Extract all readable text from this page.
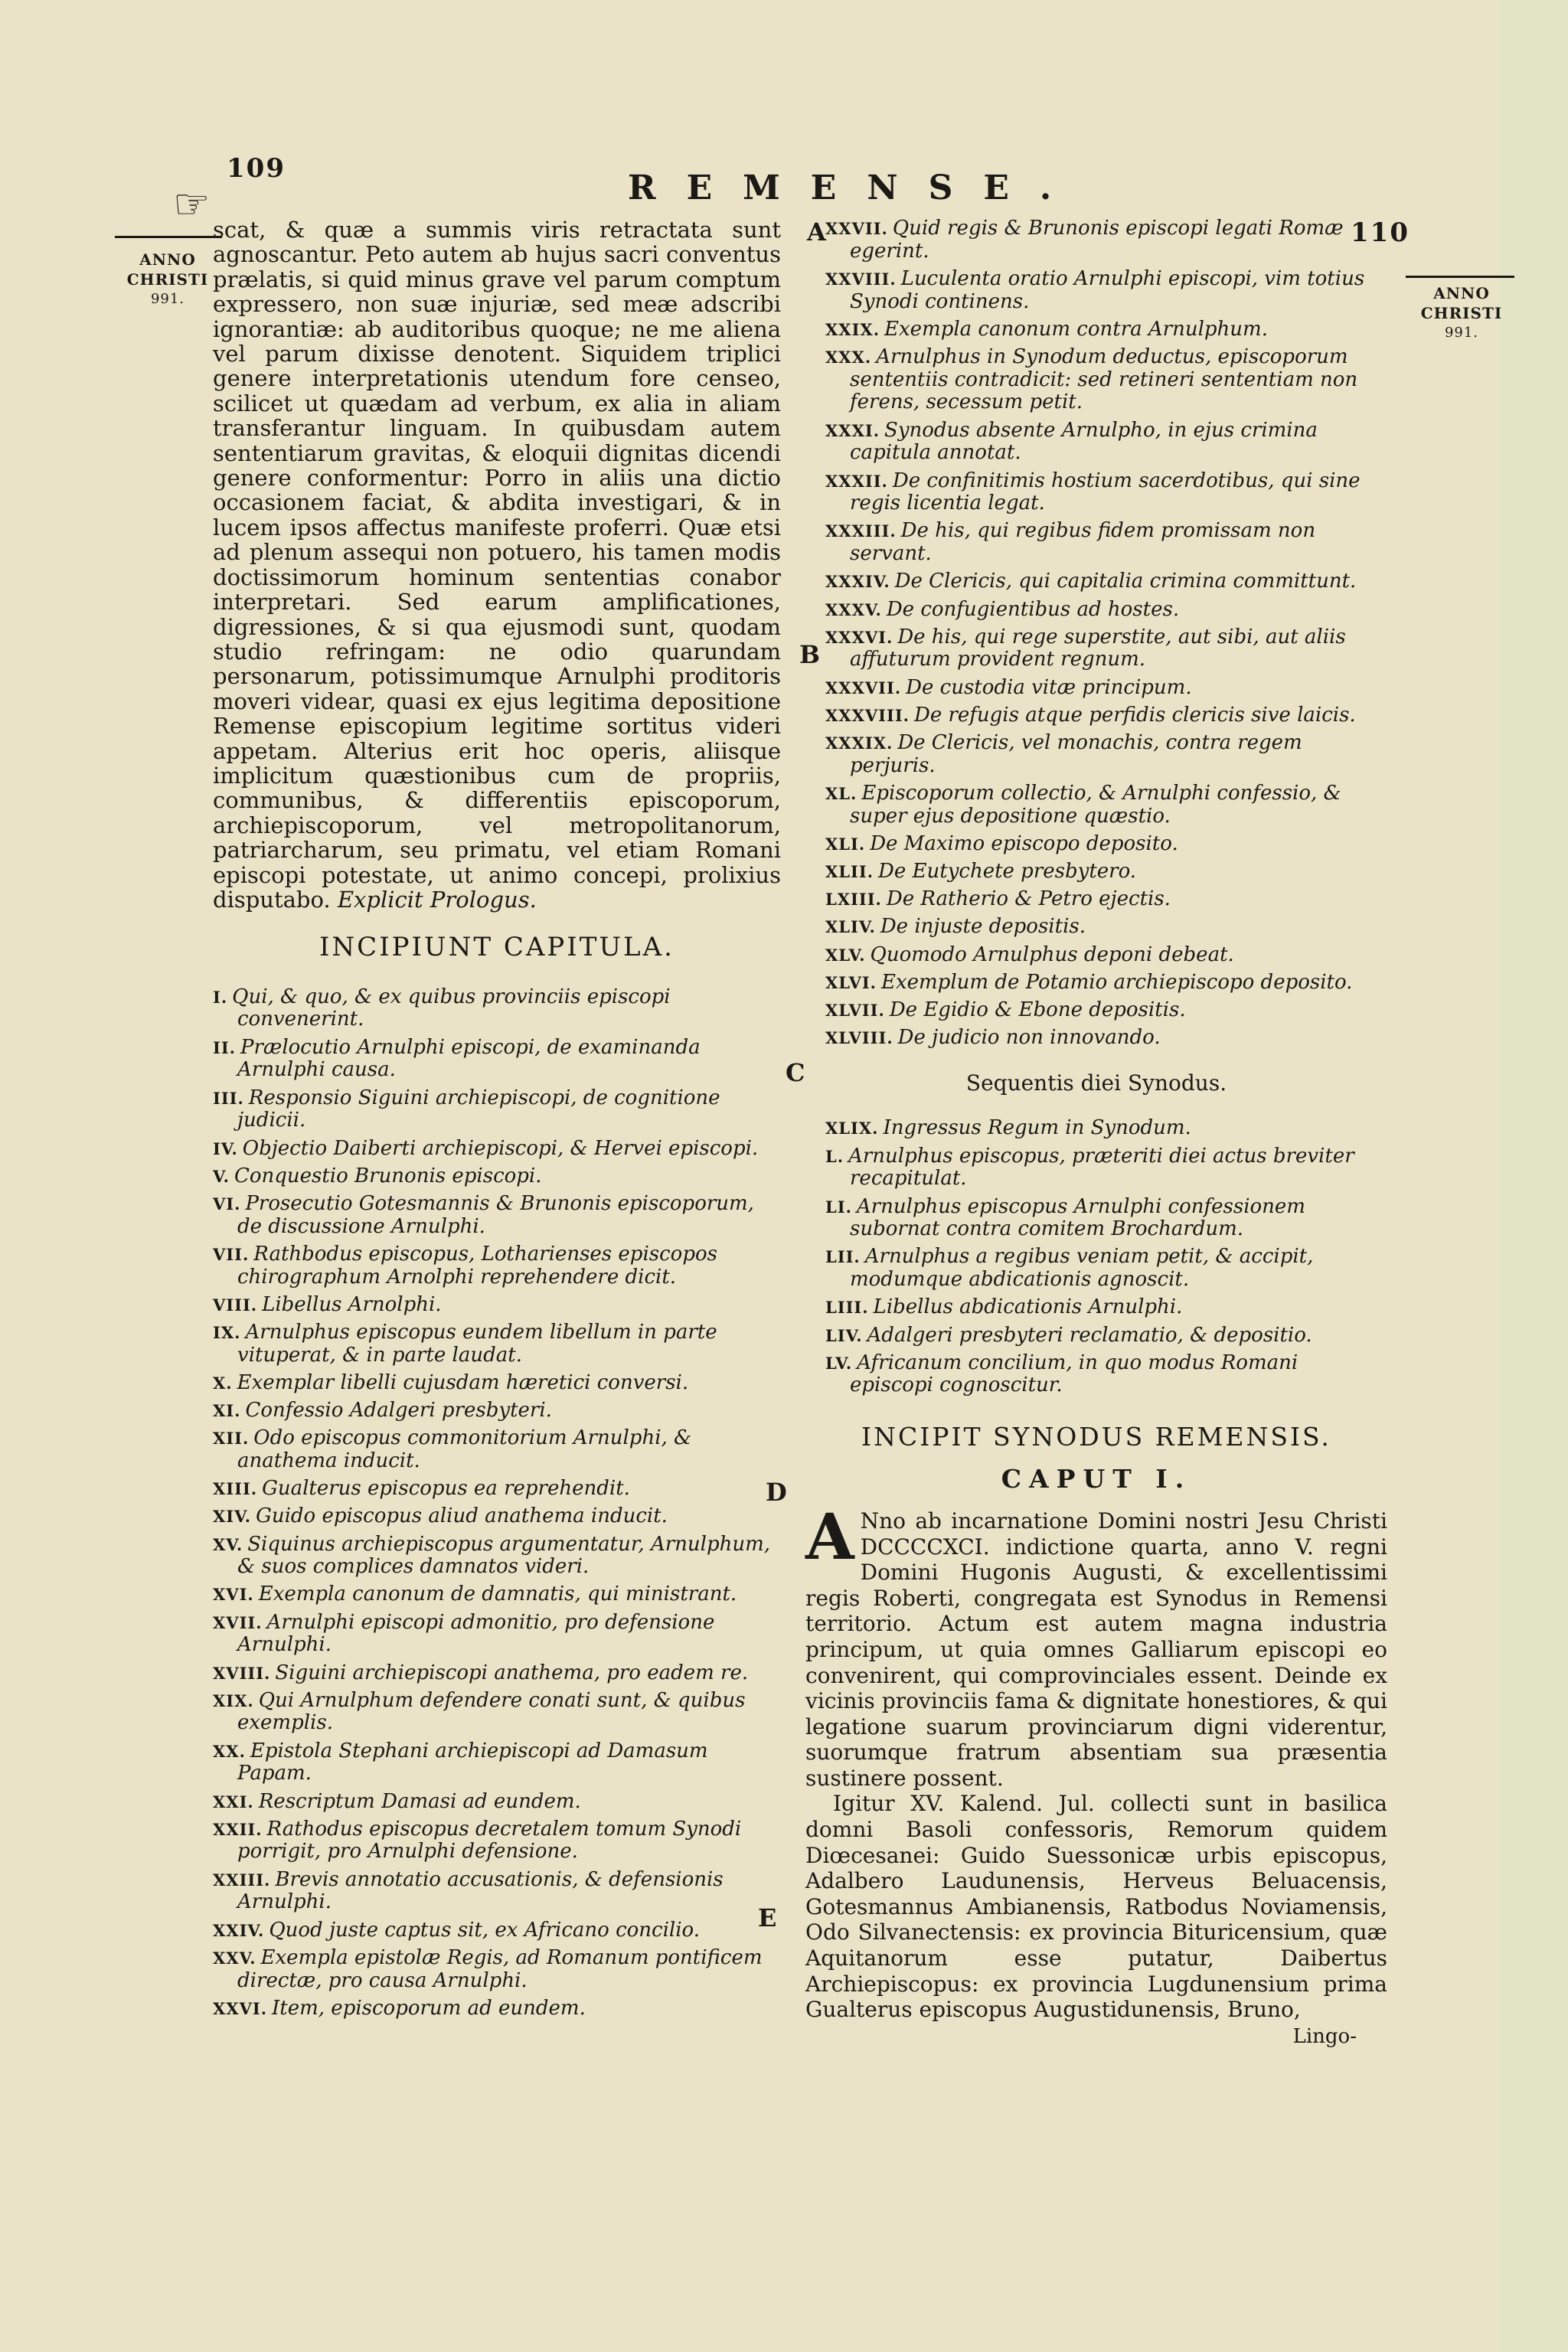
109
110
REMENSE.
☞
ANNO
CHRISTI
991.	ANNO
CHRISTI
991.
A
B
C
D
E

scat, & quæ a summis viris retractata sunt agnoscantur. Peto autem ab hujus sacri conventus prælatis, si quid minus grave vel parum comptum expressero, non suæ injuriæ, sed meæ adscribi ignorantiæ: ab auditoribus quoque; ne me aliena vel parum dixisse denotent. Siquidem triplici genere interpretationis utendum fore censeo, scilicet ut quædam ad verbum, ex alia in aliam transferantur linguam. In quibusdam autem sententiarum gravitas, & eloquii dignitas dicendi genere conformentur: Porro in aliis una dictio occasionem faciat, & abdita investigari, & in lucem ipsos affectus manifeste proferri. Quæ etsi ad plenum assequi non potuero, his tamen modis doctissimorum hominum sententias conabor interpretari. Sed earum amplificationes, digressiones, & si qua ejusmodi sunt, quodam studio refringam: ne odio quarundam personarum, potissimumque Arnulphi proditoris moveri videar, quasi ex ejus legitima depositione Remense episcopium legitime sortitus videri appetam. Alterius erit hoc operis, aliisque implicitum quæstionibus cum de propriis, communibus, & differentiis episcoporum, archiepiscoporum, vel metropolitanorum, patriarcharum, seu primatu, vel etiam Romani episcopi potestate, ut animo concepi, prolixius disputabo. Explicit Prologus.

INCIPIUNT CAPITULA.

I. Qui, & quo, & ex quibus provinciis episcopi convenerint.

II. Prælocutio Arnulphi episcopi, de examinanda Arnulphi causa.

III. Responsio Siguini archiepiscopi, de cognitione judicii.

IV. Objectio Daiberti archiepiscopi, & Hervei episcopi.

V. Conquestio Brunonis episcopi.

VI. Prosecutio Gotesmannis & Brunonis episcoporum, de discussione Arnulphi.

VII. Rathbodus episcopus, Lotharienses episcopos chirographum Arnolphi reprehendere dicit.

VIII. Libellus Arnolphi.

IX. Arnulphus episcopus eundem libellum in parte vituperat, & in parte laudat.

X. Exemplar libelli cujusdam hæretici conversi.

XI. Confessio Adalgeri presbyteri.

XII. Odo episcopus commonitorium Arnulphi, & anathema inducit.

XIII. Gualterus episcopus ea reprehendit.

XIV. Guido episcopus aliud anathema inducit.

XV. Siquinus archiepiscopus argumentatur, Arnulphum, & suos complices damnatos videri.

XVI. Exempla canonum de damnatis, qui ministrant.

XVII. Arnulphi episcopi admonitio, pro defensione Arnulphi.

XVIII. Siguini archiepiscopi anathema, pro eadem re.

XIX. Qui Arnulphum defendere conati sunt, & quibus exemplis.

XX. Epistola Stephani archiepiscopi ad Damasum Papam.

XXI. Rescriptum Damasi ad eundem.

XXII. Rathodus episcopus decretalem tomum Synodi porrigit, pro Arnulphi defensione.

XXIII. Brevis annotatio accusationis, & defensionis Arnulphi.

XXIV. Quod juste captus sit, ex Africano concilio.

XXV. Exempla epistolæ Regis, ad Romanum pontificem directæ, pro causa Arnulphi.

XXVI. Item, episcoporum ad eundem.

XXVII. Quid regis & Brunonis episcopi legati Romæ egerint.

XXVIII. Luculenta oratio Arnulphi episcopi, vim totius Synodi continens.

XXIX. Exempla canonum contra Arnulphum.

XXX. Arnulphus in Synodum deductus, episcoporum sententiis contradicit: sed retineri sententiam non ferens, secessum petit.

XXXI. Synodus absente Arnulpho, in ejus crimina capitula annotat.

XXXII. De confinitimis hostium sacerdotibus, qui sine regis licentia legat.

XXXIII. De his, qui regibus fidem promissam non servant.

XXXIV. De Clericis, qui capitalia crimina committunt.

XXXV. De confugientibus ad hostes.

XXXVI. De his, qui rege superstite, aut sibi, aut aliis affuturum provident regnum.

XXXVII. De custodia vitæ principum.

XXXVIII. De refugis atque perfidis clericis sive laicis.

XXXIX. De Clericis, vel monachis, contra regem perjuris.

XL. Episcoporum collectio, & Arnulphi confessio, & super ejus depositione quæstio.

XLI. De Maximo episcopo deposito.

XLII. De Eutychete presbytero.

LXIII. De Ratherio & Petro ejectis.

XLIV. De injuste depositis.

XLV. Quomodo Arnulphus deponi debeat.

XLVI. Exemplum de Potamio archiepiscopo deposito.

XLVII. De Egidio & Ebone depositis.

XLVIII. De judicio non innovando.

Sequentis diei Synodus.

XLIX. Ingressus Regum in Synodum.

L. Arnulphus episcopus, præteriti diei actus breviter recapitulat.

LI. Arnulphus episcopus Arnulphi confessionem subornat contra comitem Brochardum.

LII. Arnulphus a regibus veniam petit, & accipit, modumque abdicationis agnoscit.

LIII. Libellus abdicationis Arnulphi.

LIV. Adalgeri presbyteri reclamatio, & depositio.

LV. Africanum concilium, in quo modus Romani episcopi cognoscitur.

INCIPIT SYNODUS REMENSIS.
CAPUT I.

A Nno ab incarnatione Domini nostri Jesu Christi DCCCCXCI. indictione quarta, anno V. regni Domini Hugonis Augusti, & excellentissimi regis Roberti, congregata est Synodus in Remensi territorio. Actum est autem magna industria principum, ut quia omnes Galliarum episcopi eo convenirent, qui comprovinciales essent. Deinde ex vicinis provinciis fama & dignitate honestiores, & qui legatione suarum provinciarum digni viderentur, suorumque fratrum absentiam sua præsentia sustinere possent.

Igitur XV. Kalend. Jul. collecti sunt in basilica domni Basoli confessoris, Remorum quidem Diœcesanei: Guido Suessonicæ urbis episcopus, Adalbero Laudunensis, Herveus Beluacensis, Gotesmannus Ambianensis, Ratbodus Noviamensis, Odo Silvanectensis: ex provincia Bituricensium, quæ Aquitanorum esse putatur, Daibertus Archiepiscopus: ex provincia Lugdunensium prima Gualterus episcopus Augustidunensis, Bruno,

Lingo-
